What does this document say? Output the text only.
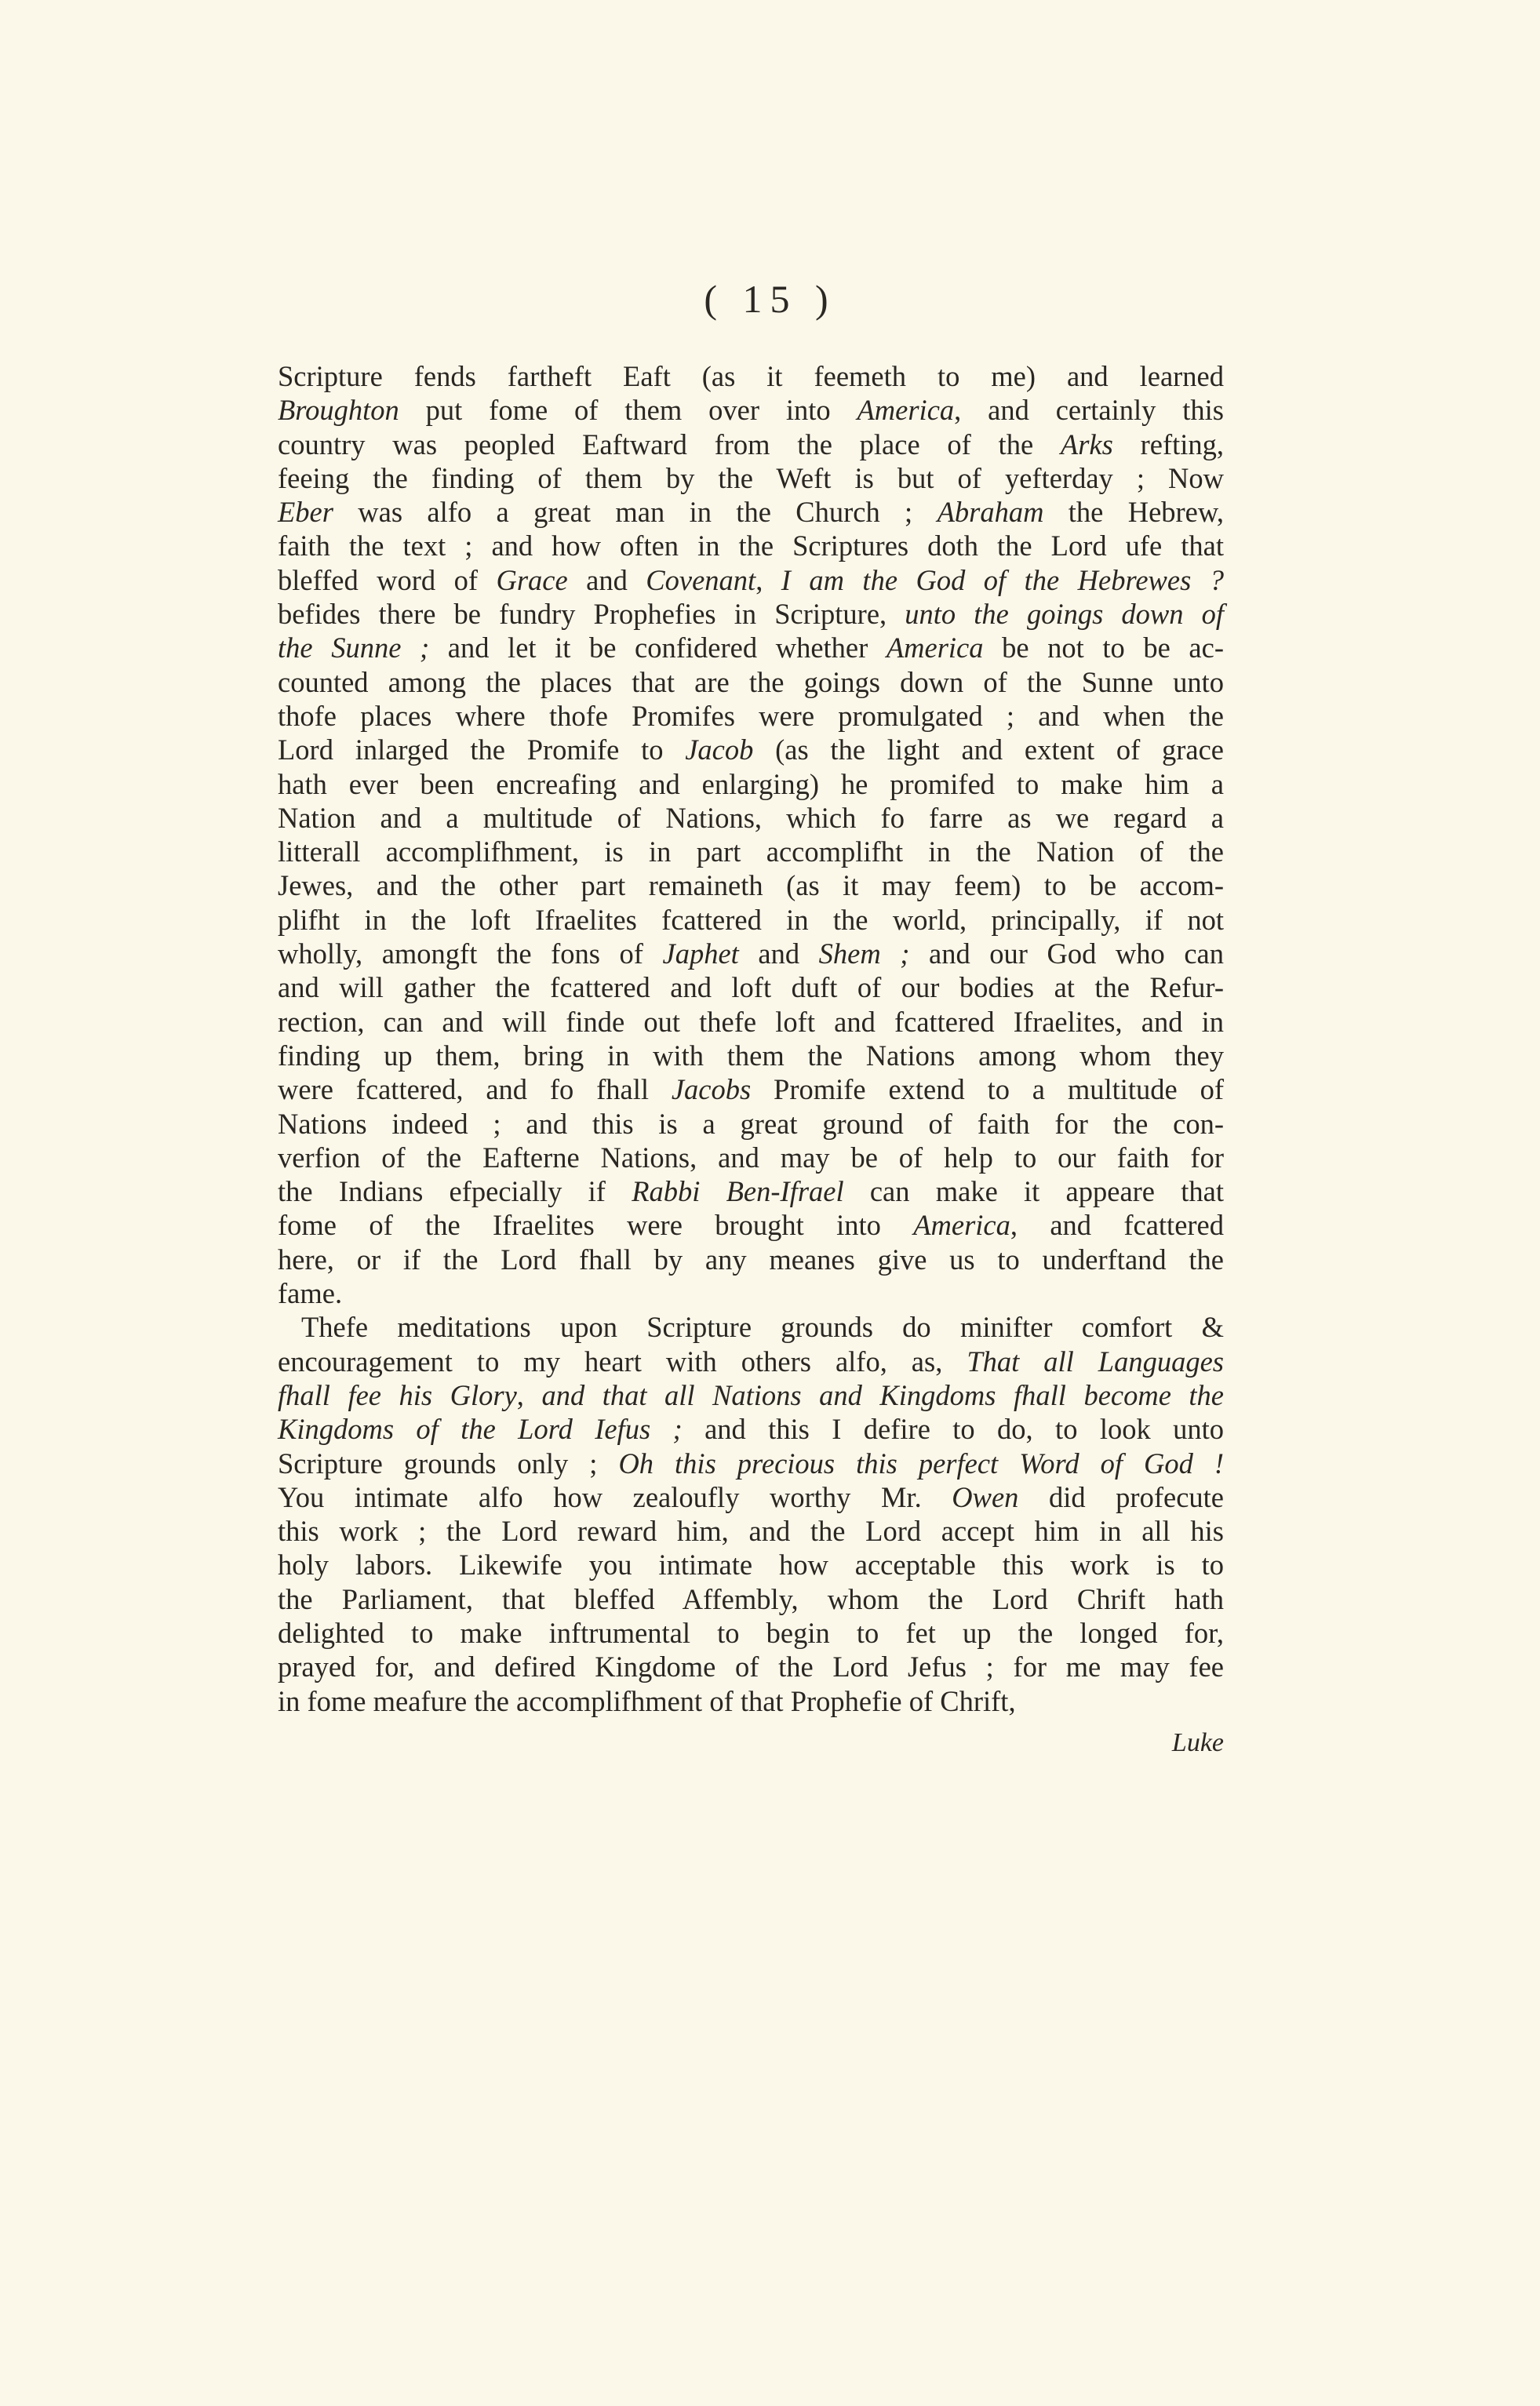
( 15 )
Scripture fends fartheft Eaft (as it feemeth to me) and learned
Broughton put fome of them over into America, and certainly this
country was peopled Eaftward from the place of the Arks refting,
feeing the finding of them by the Weft is but of yefterday ; Now
Eber was alfo a great man in the Church ; Abraham the Hebrew,
faith the text ; and how often in the Scriptures doth the Lord ufe that
bleffed word of Grace and Covenant, I am the God of the Hebrewes ?
befides there be fundry Prophefies in Scripture, unto the goings down of
the Sunne ; and let it be confidered whether America be not to be ac-
counted among the places that are the goings down of the Sunne unto
thofe places where thofe Promifes were promulgated ; and when the
Lord inlarged the Promife to Jacob (as the light and extent of grace
hath ever been encreafing and enlarging) he promifed to make him a
Nation and a multitude of Nations, which fo farre as we regard a
litterall accomplifhment, is in part accomplifht in the Nation of the
Jewes, and the other part remaineth (as it may feem) to be accom-
plifht in the loft Ifraelites fcattered in the world, principally, if not
wholly, amongft the fons of Japhet and Shem ; and our God who can
and will gather the fcattered and loft duft of our bodies at the Refur-
rection, can and will finde out thefe loft and fcattered Ifraelites, and in
finding up them, bring in with them the Nations among whom they
were fcattered, and fo fhall Jacobs Promife extend to a multitude of
Nations indeed ; and this is a great ground of faith for the con-
verfion of the Eafterne Nations, and may be of help to our faith for
the Indians efpecially if Rabbi Ben-Ifrael can make it appeare that
fome of the Ifraelites were brought into America, and fcattered
here, or if the Lord fhall by any meanes give us to underftand the
fame.
Thefe meditations upon Scripture grounds do minifter comfort &
encouragement to my heart with others alfo, as, That all Languages
fhall fee his Glory, and that all Nations and Kingdoms fhall become the
Kingdoms of the Lord Iefus ; and this I defire to do, to look unto
Scripture grounds only ; Oh this precious this perfect Word of God !
You intimate alfo how zealoufly worthy Mr. Owen did profecute
this work ; the Lord reward him, and the Lord accept him in all his
holy labors. Likewife you intimate how acceptable this work is to
the Parliament, that bleffed Affembly, whom the Lord Chrift hath
delighted to make inftrumental to begin to fet up the longed for,
prayed for, and defired Kingdome of the Lord Jefus ; for me may fee
in fome meafure the accomplifhment of that Prophefie of Chrift,
Luke
